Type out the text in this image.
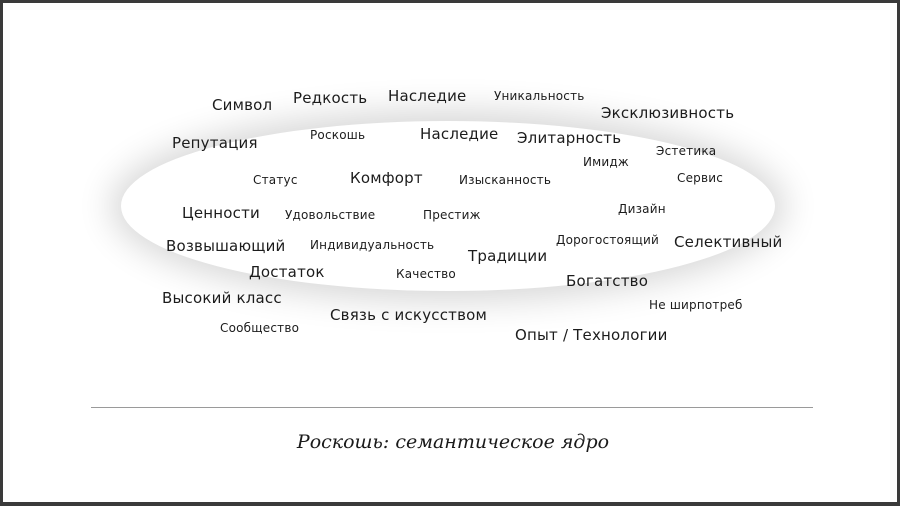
Символ Редкость Наследие Уникальность
Эксклюзивность
Репутация	Роскошь	Наследие Элитарность
Эстетика
Имидж
Статус	Комфорт	Изысканность	Сервис
Ценности Удовольствие	Престиж	Дизайн
Возвышающий Индивидуальность	Дорогостоящий Селективный
Традиции
Достаток	Качество	Богатство
Высокий класс	Не ширпотреб
Связь с искусством
Сообщество	Опыт / Технологии
Роскошь: семантическое ядро
